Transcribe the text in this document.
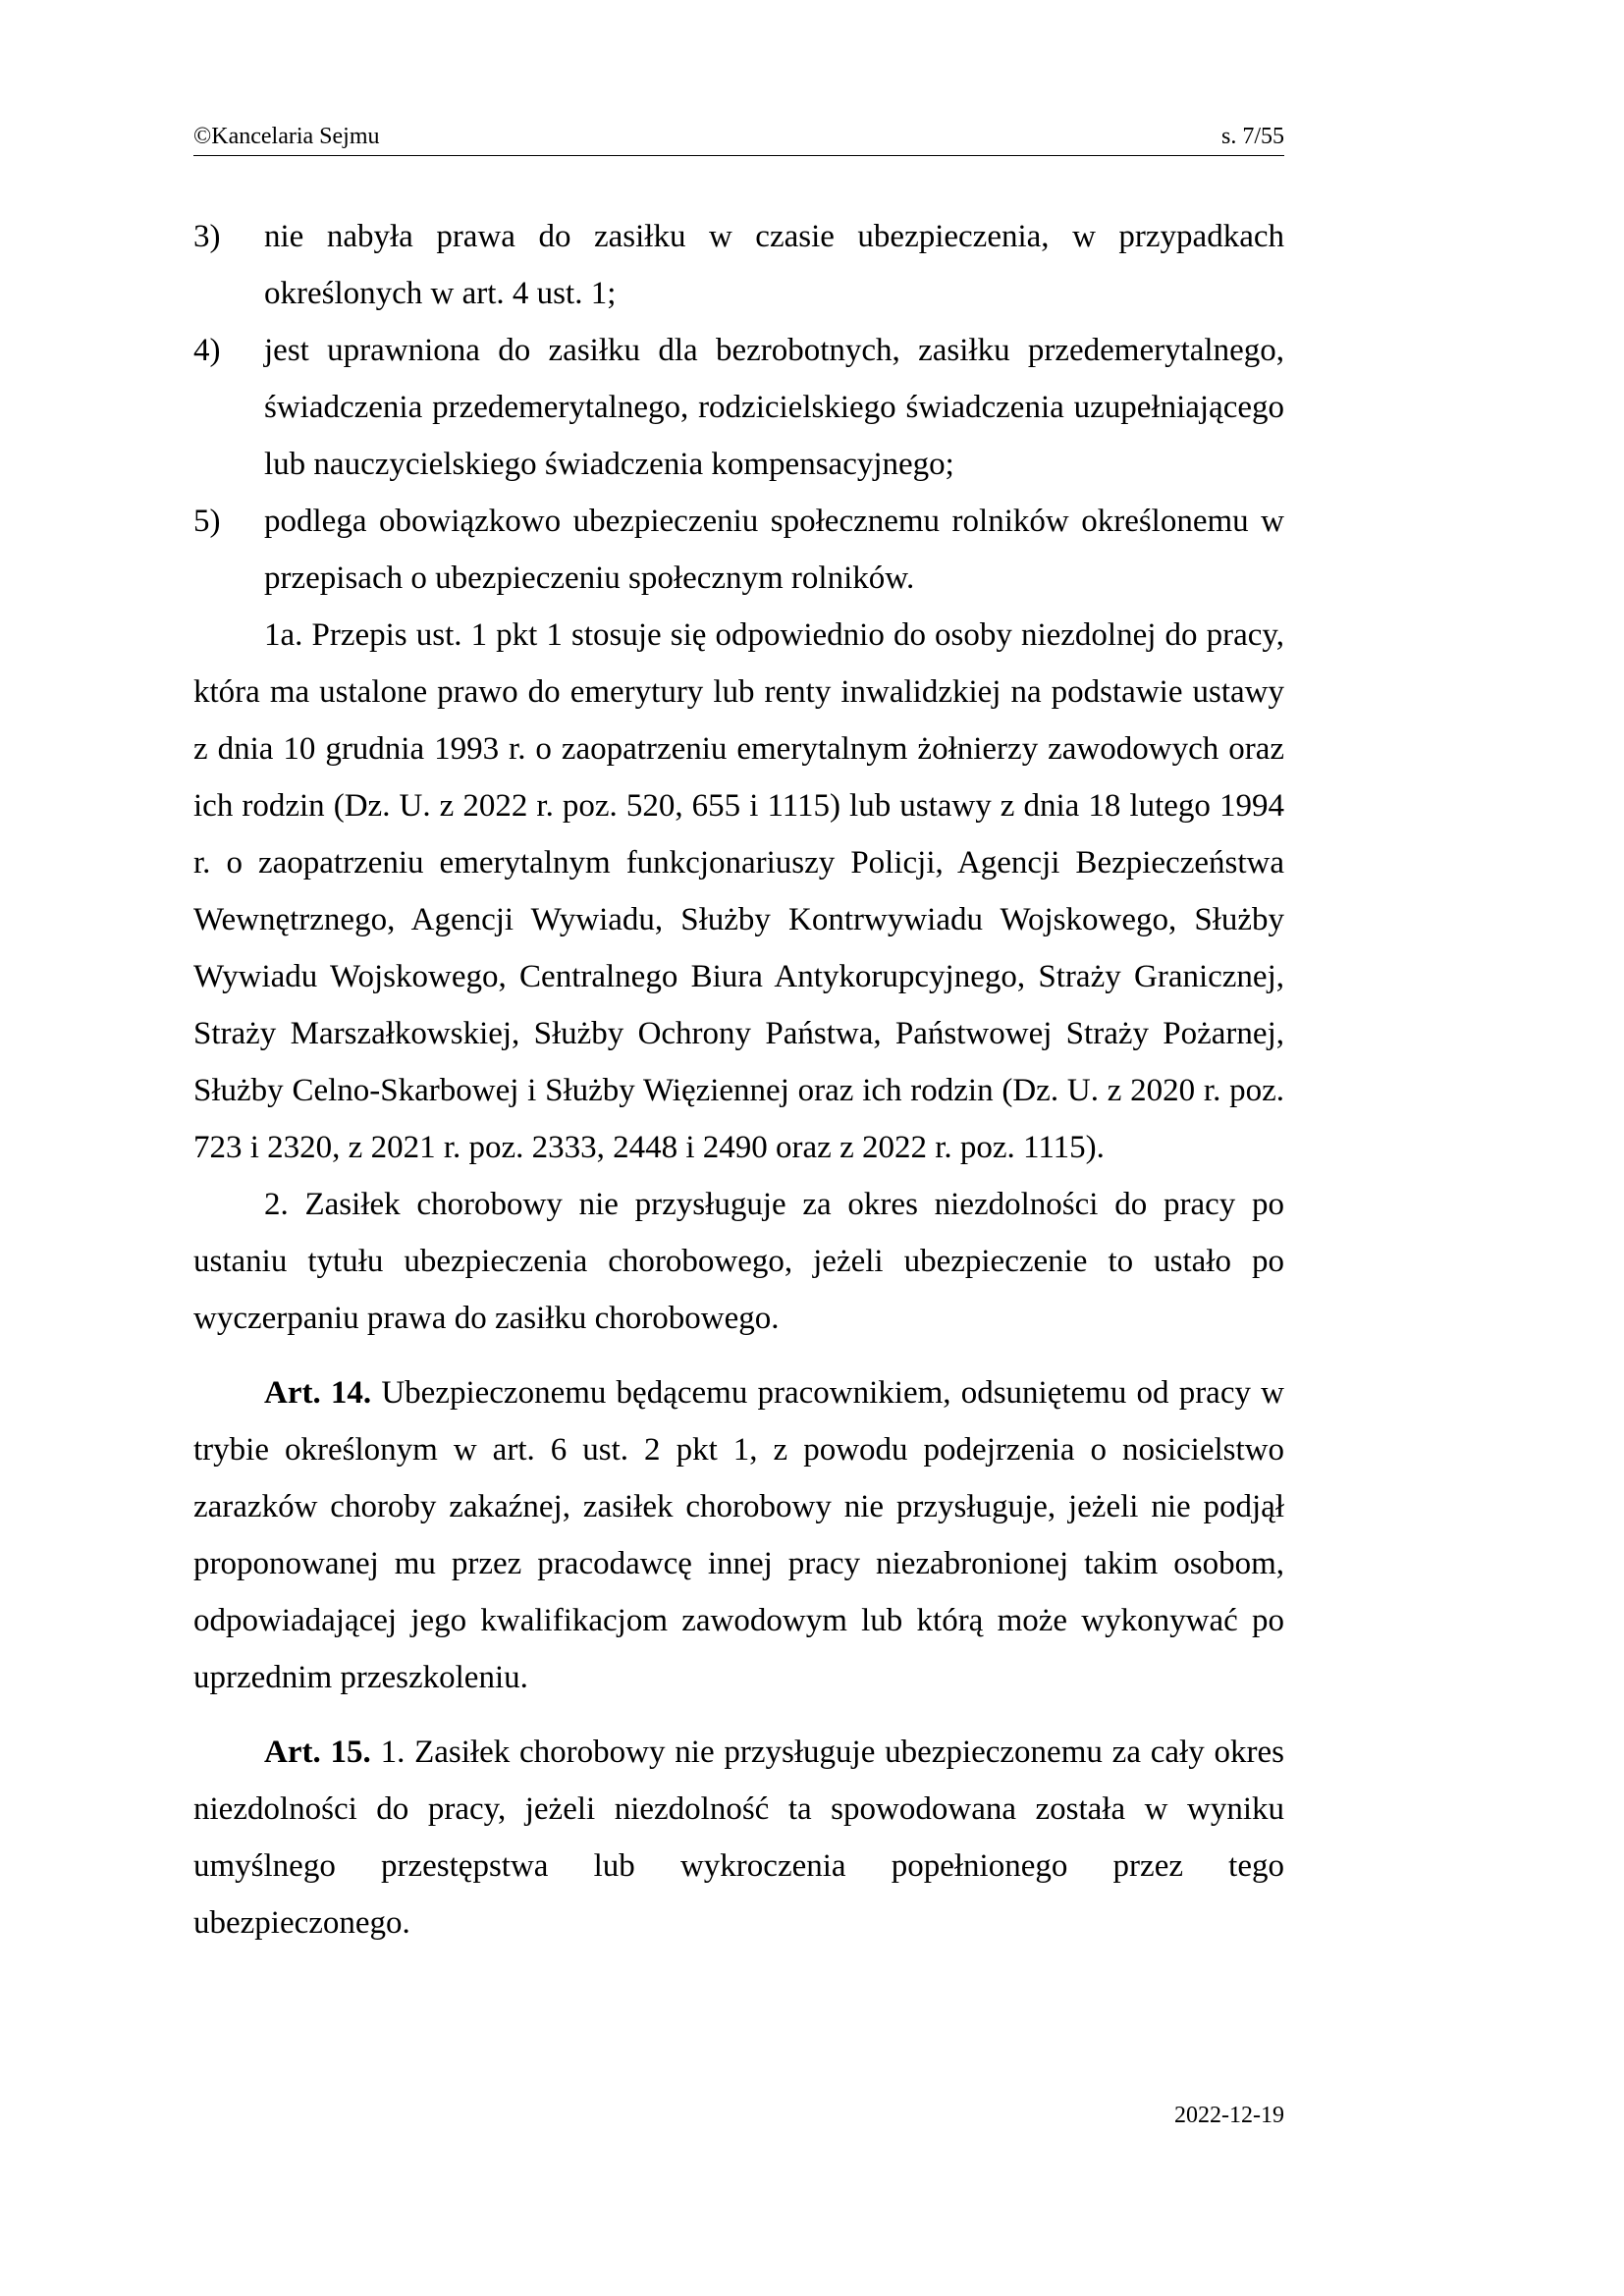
©Kancelaria Sejmu	s. 7/55
3) nie nabyła prawa do zasiłku w czasie ubezpieczenia, w przypadkach określonych w art. 4 ust. 1;
4) jest uprawniona do zasiłku dla bezrobotnych, zasiłku przedemerytalnego, świadczenia przedemerytalnego, rodzicielskiego świadczenia uzupełniającego lub nauczycielskiego świadczenia kompensacyjnego;
5) podlega obowiązkowo ubezpieczeniu społecznemu rolników określonemu w przepisach o ubezpieczeniu społecznym rolników.
1a. Przepis ust. 1 pkt 1 stosuje się odpowiednio do osoby niezdolnej do pracy, która ma ustalone prawo do emerytury lub renty inwalidzkiej na podstawie ustawy z dnia 10 grudnia 1993 r. o zaopatrzeniu emerytalnym żołnierzy zawodowych oraz ich rodzin (Dz. U. z 2022 r. poz. 520, 655 i 1115) lub ustawy z dnia 18 lutego 1994 r. o zaopatrzeniu emerytalnym funkcjonariuszy Policji, Agencji Bezpieczeństwa Wewnętrznego, Agencji Wywiadu, Służby Kontrwywiadu Wojskowego, Służby Wywiadu Wojskowego, Centralnego Biura Antykorupcyjnego, Straży Granicznej, Straży Marszałkowskiej, Służby Ochrony Państwa, Państwowej Straży Pożarnej, Służby Celno-Skarbowej i Służby Więziennej oraz ich rodzin (Dz. U. z 2020 r. poz. 723 i 2320, z 2021 r. poz. 2333, 2448 i 2490 oraz z 2022 r. poz. 1115).
2. Zasiłek chorobowy nie przysługuje za okres niezdolności do pracy po ustaniu tytułu ubezpieczenia chorobowego, jeżeli ubezpieczenie to ustało po wyczerpaniu prawa do zasiłku chorobowego.
Art. 14. Ubezpieczonemu będącemu pracownikiem, odsuniętemu od pracy w trybie określonym w art. 6 ust. 2 pkt 1, z powodu podejrzenia o nosicielstwo zarazków choroby zakaźnej, zasiłek chorobowy nie przysługuje, jeżeli nie podjął proponowanej mu przez pracodawcę innej pracy niezabronionej takim osobom, odpowiadającej jego kwalifikacjom zawodowym lub którą może wykonywać po uprzednim przeszkoleniu.
Art. 15. 1. Zasiłek chorobowy nie przysługuje ubezpieczonemu za cały okres niezdolności do pracy, jeżeli niezdolność ta spowodowana została w wyniku umyślnego przestępstwa lub wykroczenia popełnionego przez tego ubezpieczonego.
2022-12-19
